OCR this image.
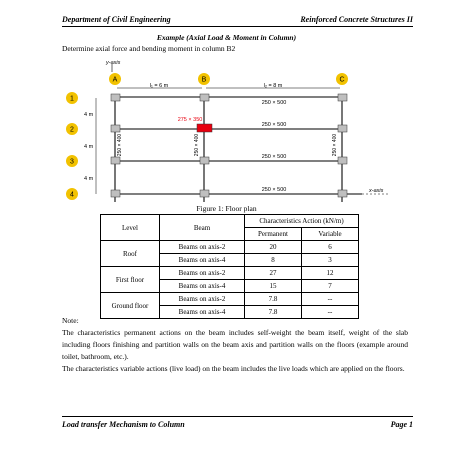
Department of Civil Engineering	Reinforced Concrete Structures II
Example (Axial Load & Moment in Column)
Determine axial force and bending moment in column B2
y-axis
A	B	C
l₁ = 6 m	l₂ = 8 m
1
2
3
4
4 m
4 m
4 m
x-axis
250 × 500
250 × 500
250 × 500
250 × 500
250 × 400	250 × 400	250 × 400
275 × 350
Figure 1: Floor plan
Level	Beam	Characteristics Action (kN/m)	
		Permanent	Variable
Roof	Beams on axis-2	20	6
	Beams on axis-4	8	3
First floor	Beams on axis-2	27	12
	Beams on axis-4	15	7
Ground floor	Beams on axis-2	7.8	--
	Beams on axis-4	7.8	--
Note:
The characteristics permanent actions on the beam includes self-weight the beam itself, weight of the slab including floors finishing and partition walls on the beam axis and partition walls on the floors (example around toilet, bathroom, etc.).
The characteristics variable actions (live load) on the beam includes the live loads which are applied on the floors.
Load transfer Mechanism to Column	Page 1
